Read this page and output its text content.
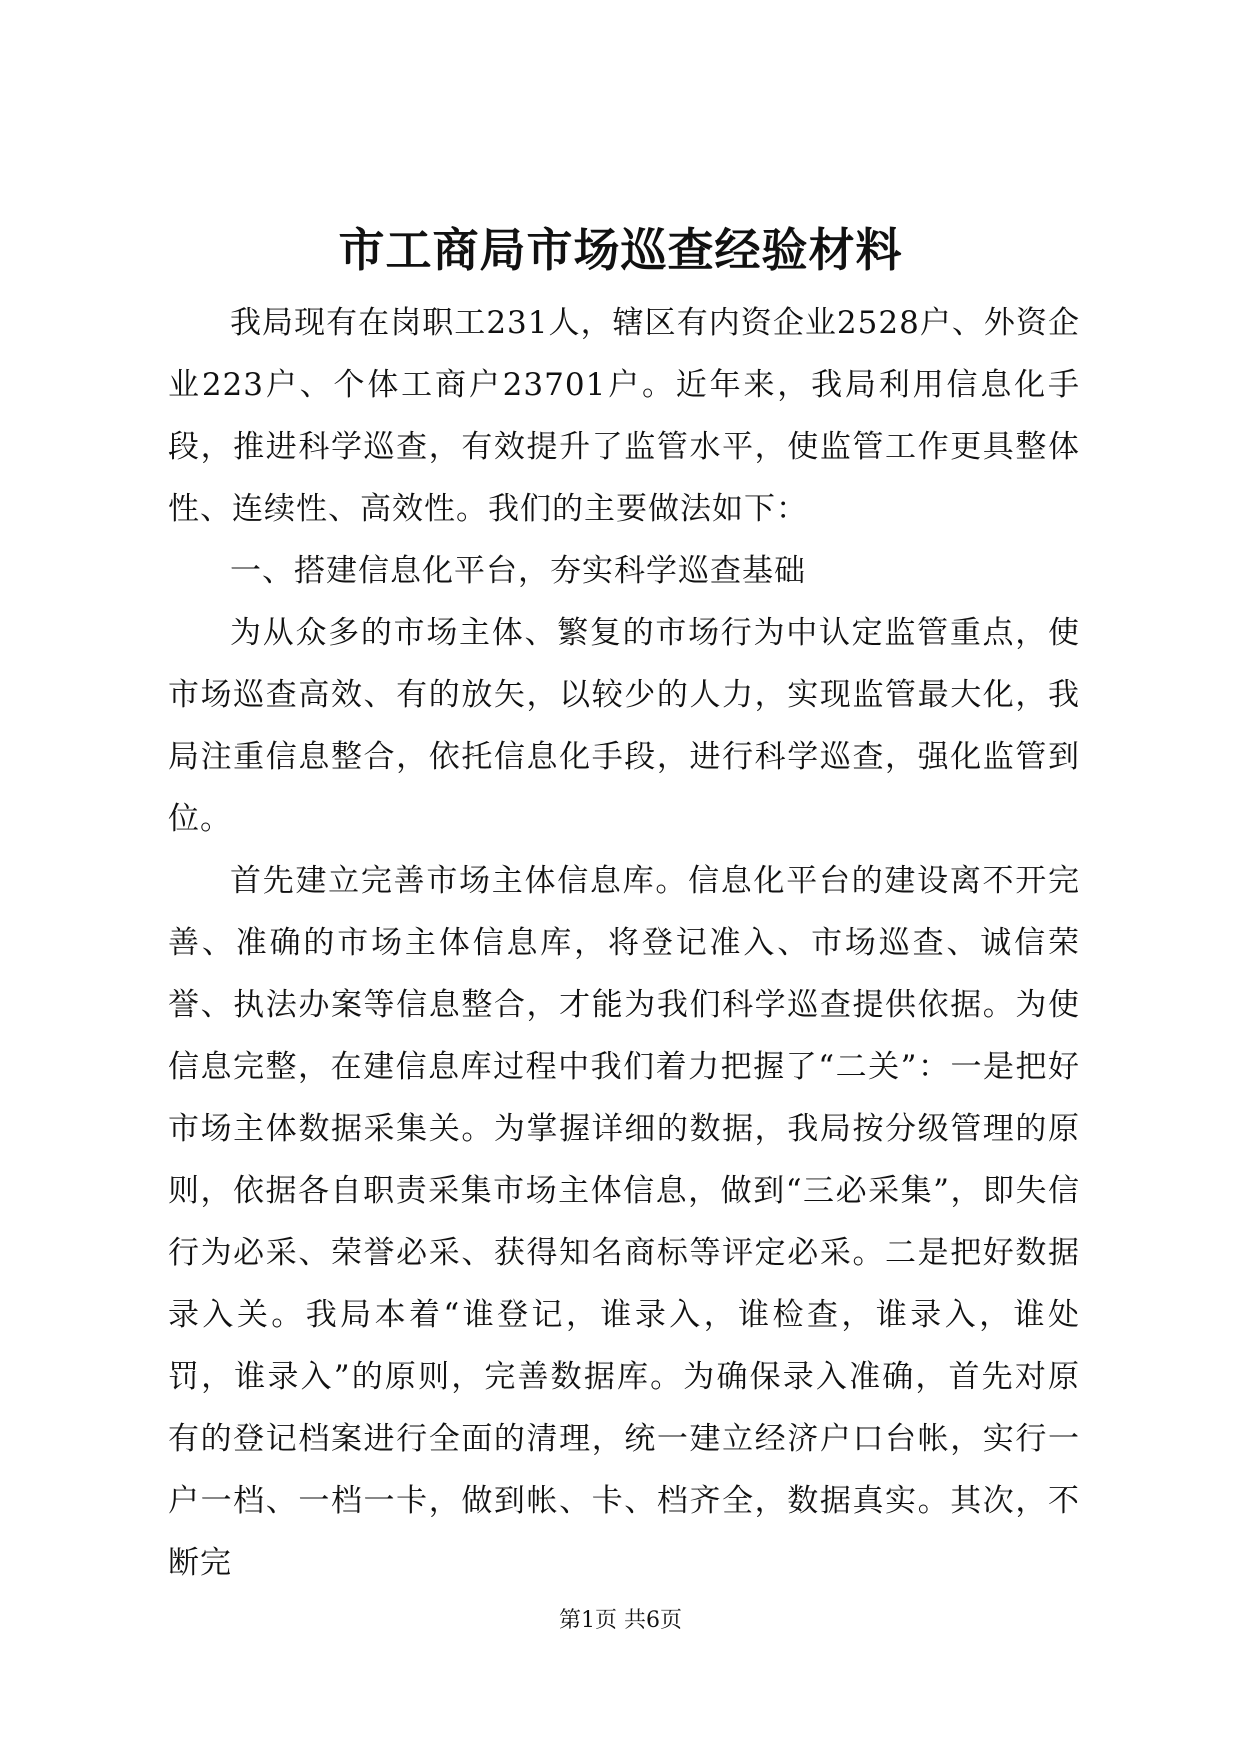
市工商局市场巡查经验材料

我局现有在岗职工231人，辖区有内资企业2528户、外资企业223户、个体工商户23701户。近年来，我局利用信息化手段，推进科学巡查，有效提升了监管水平，使监管工作更具整体性、连续性、高效性。我们的主要做法如下：

一、搭建信息化平台，夯实科学巡查基础

为从众多的市场主体、繁复的市场行为中认定监管重点，使市场巡查高效、有的放矢，以较少的人力，实现监管最大化，我局注重信息整合，依托信息化手段，进行科学巡查，强化监管到位。

首先建立完善市场主体信息库。信息化平台的建设离不开完善、准确的市场主体信息库，将登记准入、市场巡查、诚信荣誉、执法办案等信息整合，才能为我们科学巡查提供依据。为使信息完整，在建信息库过程中我们着力把握了“二关”：一是把好市场主体数据采集关。为掌握详细的数据，我局按分级管理的原则，依据各自职责采集市场主体信息，做到“三必采集”，即失信行为必采、荣誉必采、获得知名商标等评定必采。二是把好数据录入关。我局本着“谁登记，谁录入，谁检查，谁录入，谁处罚，谁录入”的原则，完善数据库。为确保录入准确，首先对原有的登记档案进行全面的清理，统一建立经济户口台帐，实行一户一档、一档一卡，做到帐、卡、档齐全，数据真实。其次，不断完

第1页 共6页
